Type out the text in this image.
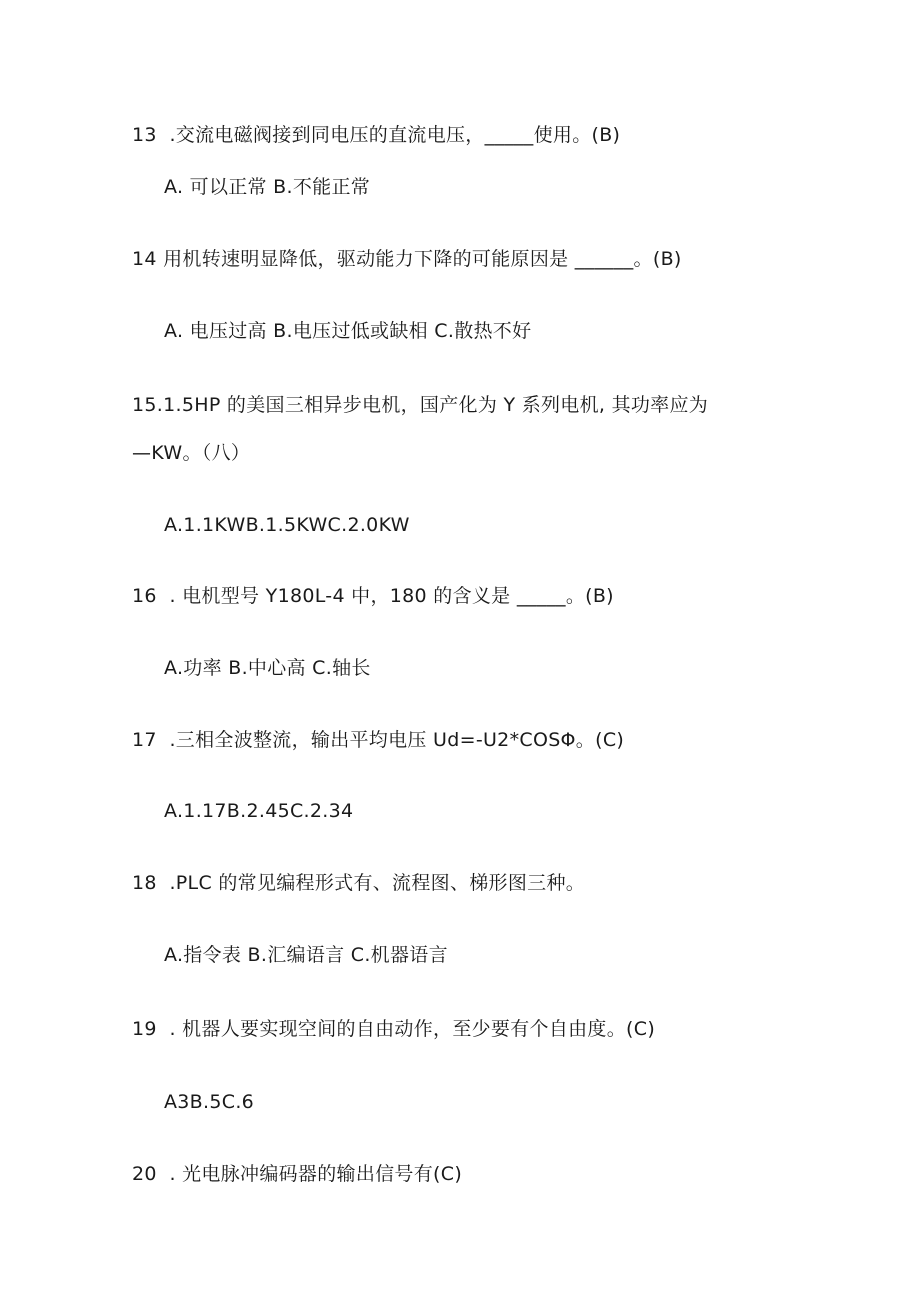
13  .交流电磁阀接到同电压的直流电压，_____使用。(B)
A. 可以正常 B.不能正常
14 用机转速明显降低，驱动能力下降的可能原因是 ______。(B)
A. 电压过高 B.电压过低或缺相 C.散热不好
15.1.5HP 的美国三相异步电机，国产化为 Y 系列电机, 其功率应为
—KW。（八）
A.1.1KWB.1.5KWC.2.0KW
16  . 电机型号 Y180L-4 中，180 的含义是 _____。(B)
A.功率 B.中心高 C.轴长
17  .三相全波整流，输出平均电压 Ud=-U2*COSΦ。(C)
A.1.17B.2.45C.2.34
18  .PLC 的常见编程形式有、流程图、梯形图三种。
A.指令表 B.汇编语言 C.机器语言
19  . 机器人要实现空间的自由动作，至少要有个自由度。(C)
A3B.5C.6
20  . 光电脉冲编码器的输出信号有(C)
